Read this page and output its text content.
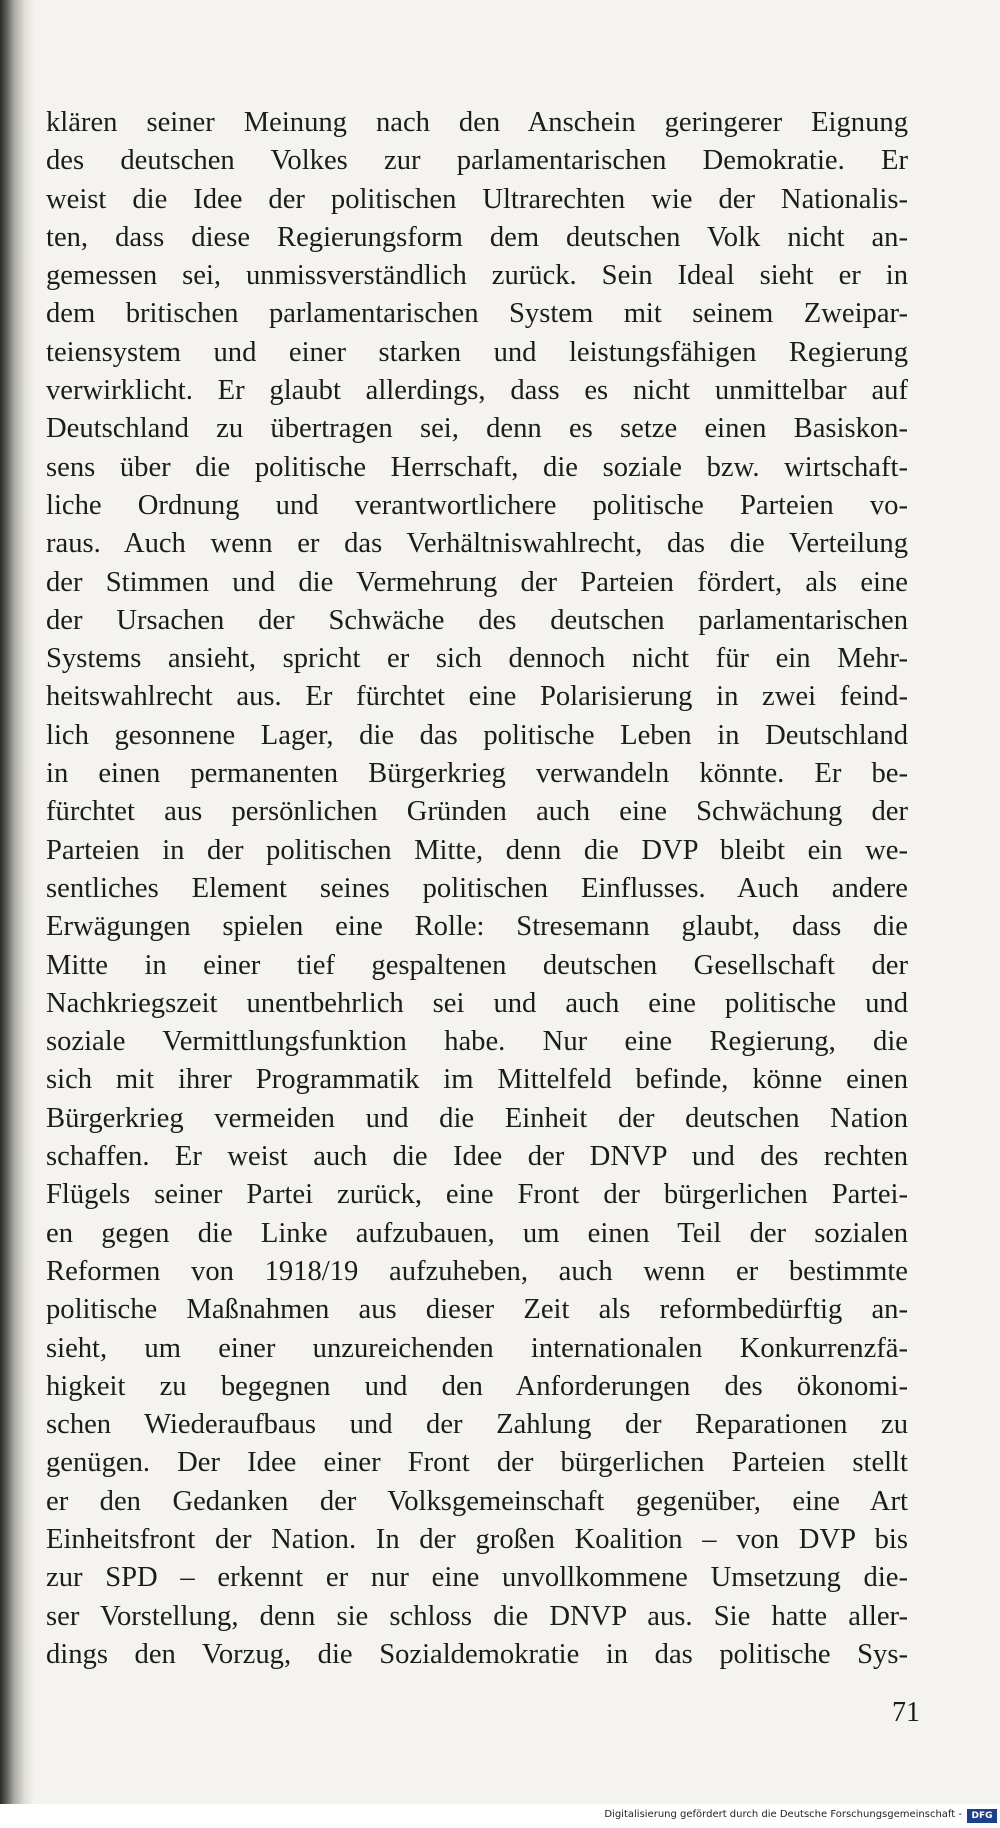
klären seiner Meinung nach den Anschein geringerer Eignung
des deutschen Volkes zur parlamentarischen Demokratie. Er
weist die Idee der politischen Ultrarechten wie der Nationalis-
ten, dass diese Regierungsform dem deutschen Volk nicht an-
gemessen sei, unmissverständlich zurück. Sein Ideal sieht er in
dem britischen parlamentarischen System mit seinem Zweipar-
teiensystem und einer starken und leistungsfähigen Regierung
verwirklicht. Er glaubt allerdings, dass es nicht unmittelbar auf
Deutschland zu übertragen sei, denn es setze einen Basiskon-
sens über die politische Herrschaft, die soziale bzw. wirtschaft-
liche Ordnung und verantwortlichere politische Parteien vo-
raus. Auch wenn er das Verhältniswahlrecht, das die Verteilung
der Stimmen und die Vermehrung der Parteien fördert, als eine
der Ursachen der Schwäche des deutschen parlamentarischen
Systems ansieht, spricht er sich dennoch nicht für ein Mehr-
heitswahlrecht aus. Er fürchtet eine Polarisierung in zwei feind-
lich gesonnene Lager, die das politische Leben in Deutschland
in einen permanenten Bürgerkrieg verwandeln könnte. Er be-
fürchtet aus persönlichen Gründen auch eine Schwächung der
Parteien in der politischen Mitte, denn die DVP bleibt ein we-
sentliches Element seines politischen Einflusses. Auch andere
Erwägungen spielen eine Rolle: Stresemann glaubt, dass die
Mitte in einer tief gespaltenen deutschen Gesellschaft der
Nachkriegszeit unentbehrlich sei und auch eine politische und
soziale Vermittlungsfunktion habe. Nur eine Regierung, die
sich mit ihrer Programmatik im Mittelfeld befinde, könne einen
Bürgerkrieg vermeiden und die Einheit der deutschen Nation
schaffen. Er weist auch die Idee der DNVP und des rechten
Flügels seiner Partei zurück, eine Front der bürgerlichen Partei-
en gegen die Linke aufzubauen, um einen Teil der sozialen
Reformen von 1918/19 aufzuheben, auch wenn er bestimmte
politische Maßnahmen aus dieser Zeit als reformbedürftig an-
sieht, um einer unzureichenden internationalen Konkurrenzfä-
higkeit zu begegnen und den Anforderungen des ökonomi-
schen Wiederaufbaus und der Zahlung der Reparationen zu
genügen. Der Idee einer Front der bürgerlichen Parteien stellt
er den Gedanken der Volksgemeinschaft gegenüber, eine Art
Einheitsfront der Nation. In der großen Koalition – von DVP bis
zur SPD – erkennt er nur eine unvollkommene Umsetzung die-
ser Vorstellung, denn sie schloss die DNVP aus. Sie hatte aller-
dings den Vorzug, die Sozialdemokratie in das politische Sys-
71
Digitalisierung gefördert durch die Deutsche Forschungsgemeinschaft -	DFG
